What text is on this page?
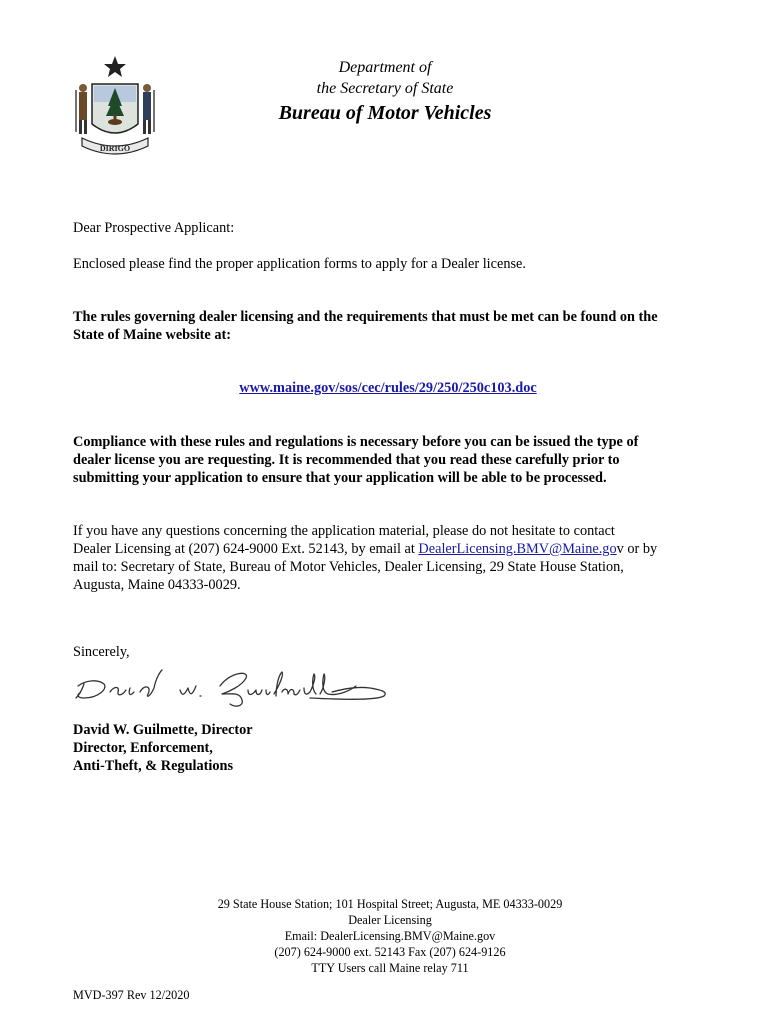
DIRIGO
Department of
the Secretary of State
Bureau of Motor Vehicles
Dear Prospective Applicant:
Enclosed please find the proper application forms to apply for a Dealer license.
The rules governing dealer licensing and the requirements that must be met can be found on the
State of Maine website at:
www.maine.gov/sos/cec/rules/29/250/250c103.doc
Compliance with these rules and regulations is necessary before you can be issued the type of
dealer license you are requesting. It is recommended that you read these carefully prior to
submitting your application to ensure that your application will be able to be processed.
If you have any questions concerning the application material, please do not hesitate to contact
Dealer Licensing at (207) 624-9000 Ext. 52143, by email at DealerLicensing.BMV@Maine.gov or by
mail to: Secretary of State, Bureau of Motor Vehicles, Dealer Licensing, 29 State House Station,
Augusta, Maine 04333-0029.
Sincerely,
David W. Guilmette, Director
Director, Enforcement,
Anti-Theft, & Regulations
29 State House Station; 101 Hospital Street; Augusta, ME 04333-0029
Dealer Licensing
Email: DealerLicensing.BMV@Maine.gov
(207) 624-9000 ext. 52143 Fax (207) 624-9126
TTY Users call Maine relay 711
MVD-397 Rev 12/2020
